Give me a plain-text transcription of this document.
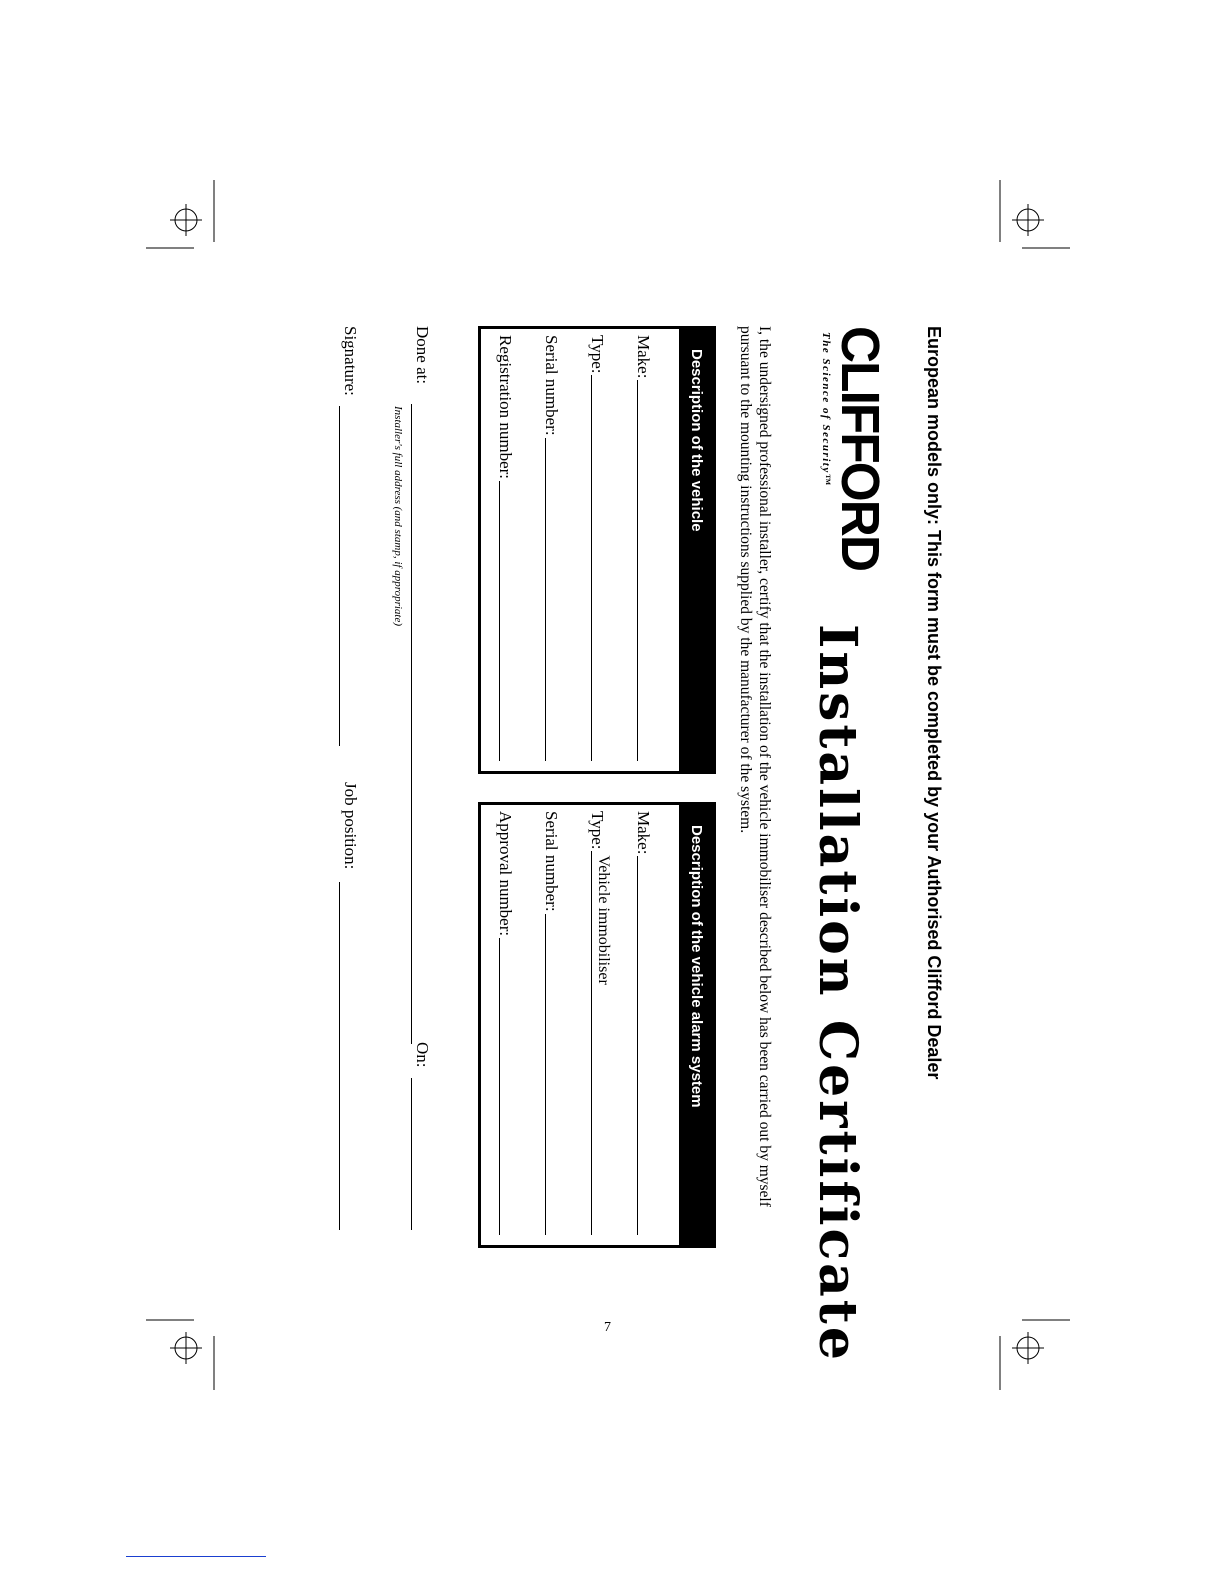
European models only: This form must be completed by your Authorised Clifford Dealer
CLIFFORD
The Science of Security™
Installation Certificate
I, the undersigned professional installer, certify that the installation of the vehicle immobiliser described below has been carried out by myself pursuant to the mounting instructions supplied by the manufacturer of the system.
Description of the vehicle
Make:
Type:
Serial number:
Registration number:
Description of the vehicle alarm system
Make:
Type:
Vehicle immobiliser
Serial number:
Approval number:
Done at:
On:
Installer's full address (and stamp, if appropriate)
Signature:
Job position:
7
